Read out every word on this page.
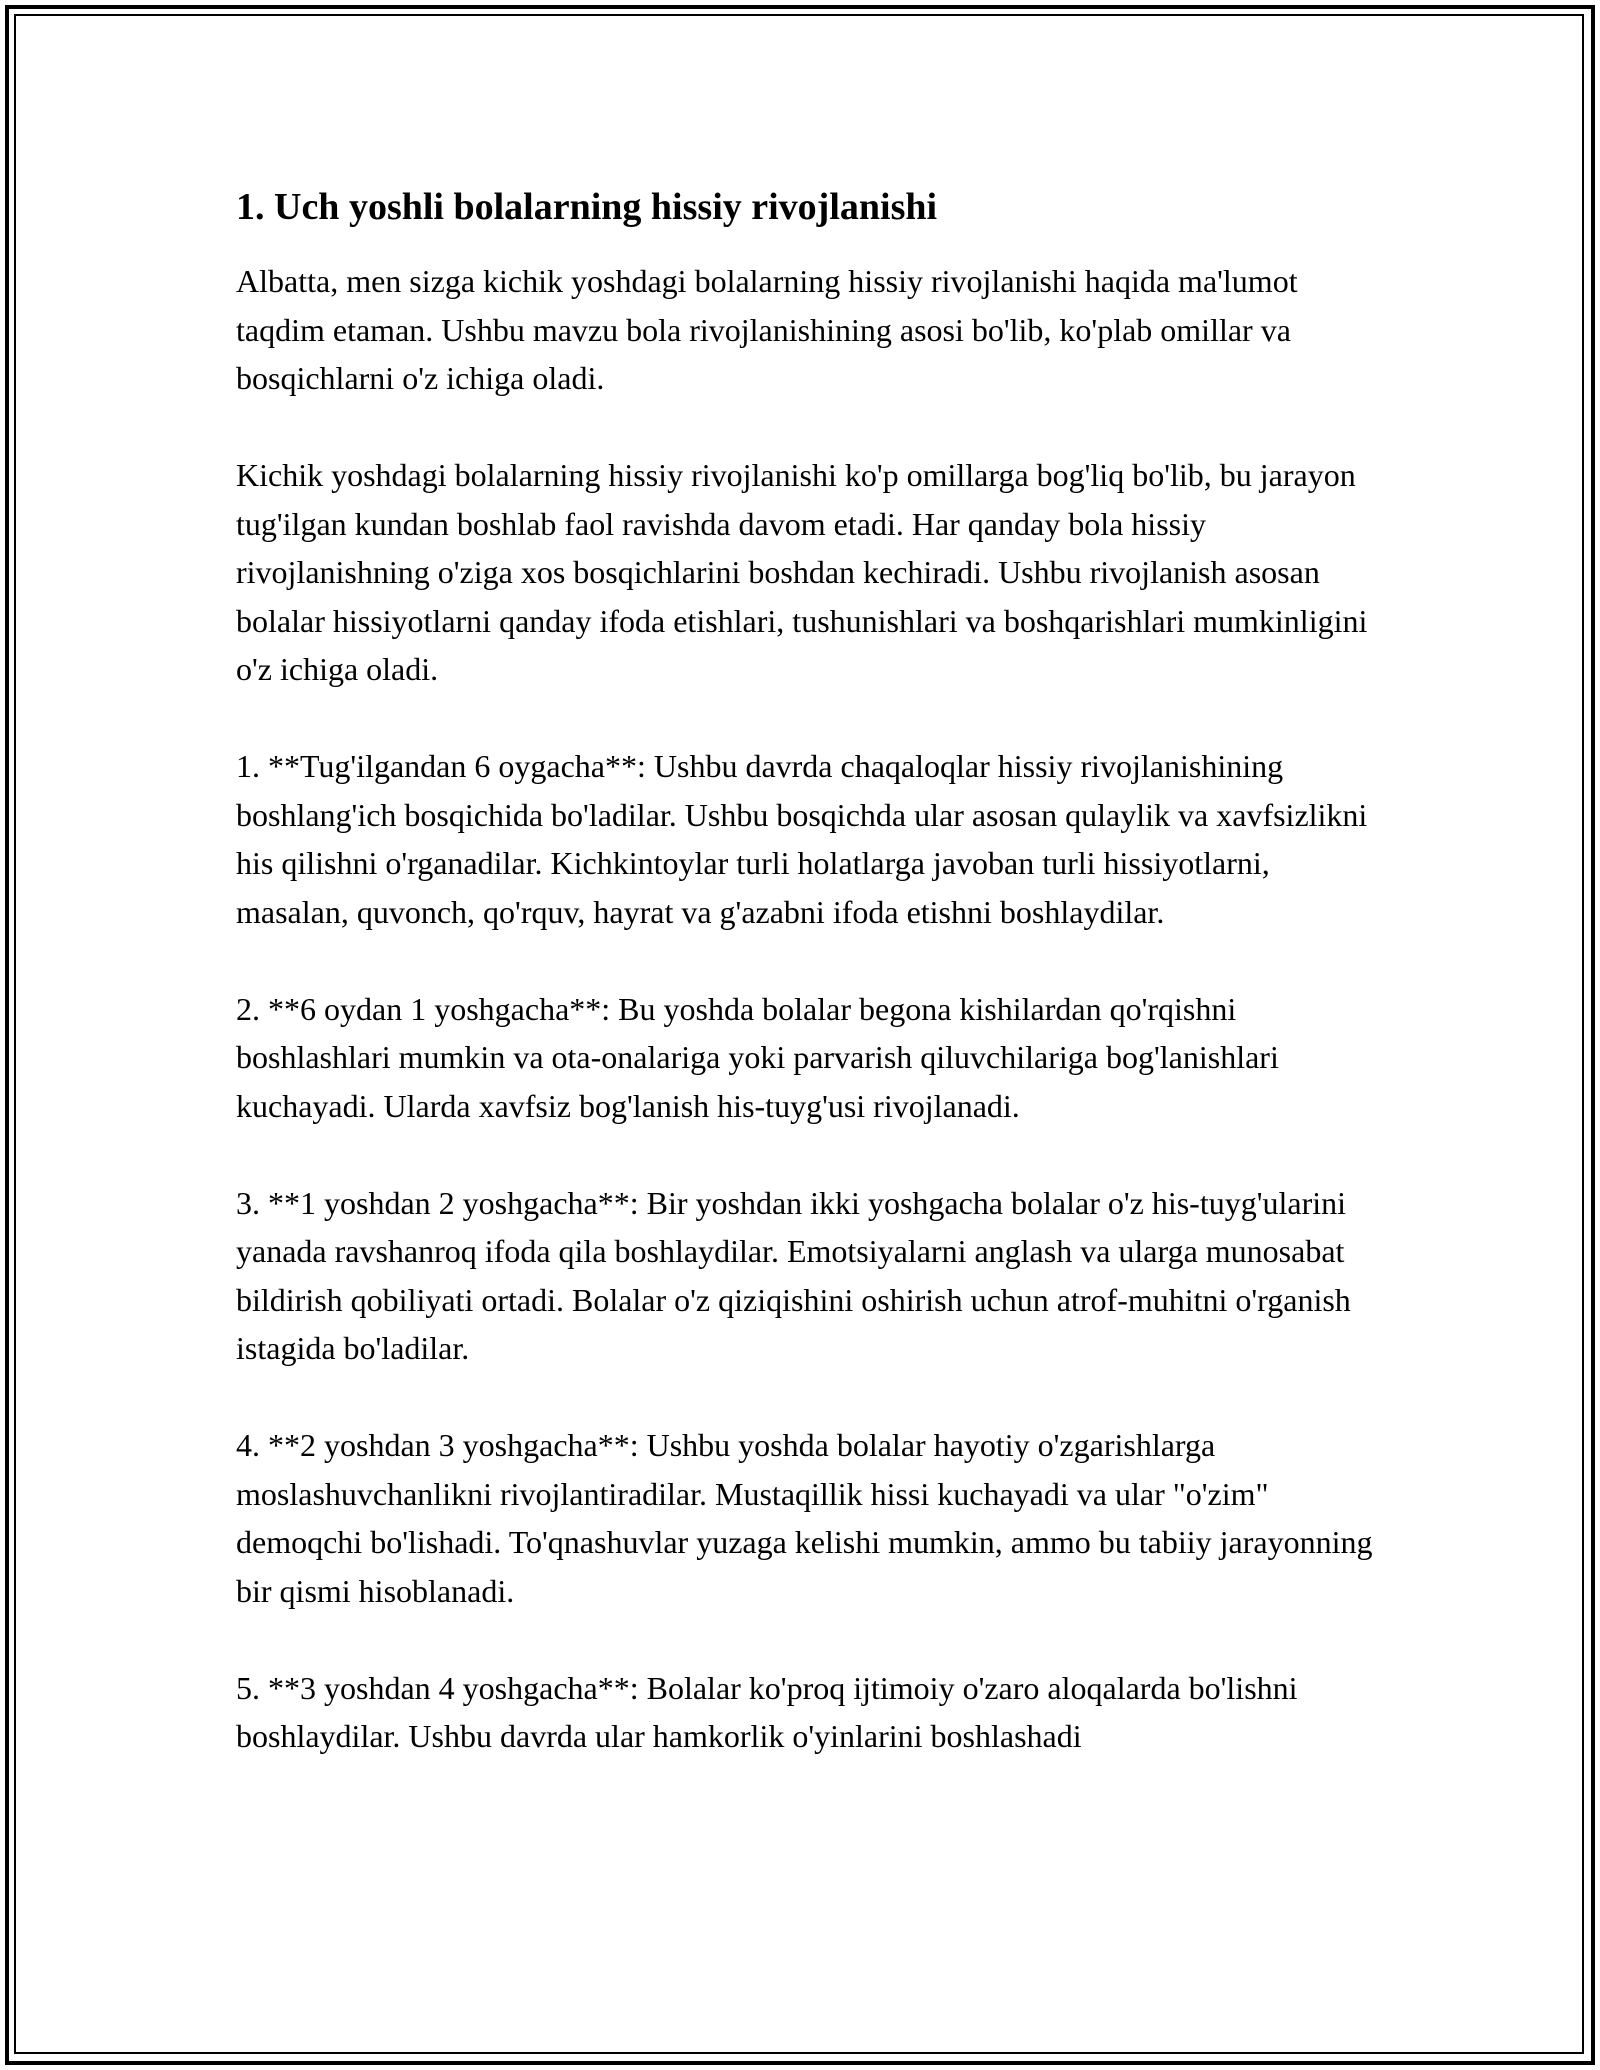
1. Uch yoshli bolalarning hissiy rivojlanishi

Albatta, men sizga kichik yoshdagi bolalarning hissiy rivojlanishi haqida ma'lumot taqdim etaman. Ushbu mavzu bola rivojlanishining asosi bo'lib, ko'plab omillar va bosqichlarni o'z ichiga oladi.

Kichik yoshdagi bolalarning hissiy rivojlanishi ko'p omillarga bog'liq bo'lib, bu jarayon tug'ilgan kundan boshlab faol ravishda davom etadi. Har qanday bola hissiy rivojlanishning o'ziga xos bosqichlarini boshdan kechiradi. Ushbu rivojlanish asosan bolalar hissiyotlarni qanday ifoda etishlari, tushunishlari va boshqarishlari mumkinligini o'z ichiga oladi.

1. **Tug'ilgandan 6 oygacha**: Ushbu davrda chaqaloqlar hissiy rivojlanishining boshlang'ich bosqichida bo'ladilar. Ushbu bosqichda ular asosan qulaylik va xavfsizlikni his qilishni o'rganadilar. Kichkintoylar turli holatlarga javoban turli hissiyotlarni, masalan, quvonch, qo'rquv, hayrat va g'azabni ifoda etishni boshlaydilar.

2. **6 oydan 1 yoshgacha**: Bu yoshda bolalar begona kishilardan qo'rqishni boshlashlari mumkin va ota-onalariga yoki parvarish qiluvchilariga bog'lanishlari kuchayadi. Ularda xavfsiz bog'lanish his-tuyg'usi rivojlanadi.

3. **1 yoshdan 2 yoshgacha**: Bir yoshdan ikki yoshgacha bolalar o'z his-tuyg'ularini yanada ravshanroq ifoda qila boshlaydilar. Emotsiyalarni anglash va ularga munosabat bildirish qobiliyati ortadi. Bolalar o'z qiziqishini oshirish uchun atrof-muhitni o'rganish istagida bo'ladilar.

4. **2 yoshdan 3 yoshgacha**: Ushbu yoshda bolalar hayotiy o'zgarishlarga moslashuvchanlikni rivojlantiradilar. Mustaqillik hissi kuchayadi va ular "o'zim" demoqchi bo'lishadi. To'qnashuvlar yuzaga kelishi mumkin, ammo bu tabiiy jarayonning bir qismi hisoblanadi.

5. **3 yoshdan 4 yoshgacha**: Bolalar ko'proq ijtimoiy o'zaro aloqalarda bo'lishni boshlaydilar. Ushbu davrda ular hamkorlik o'yinlarini boshlashadi
